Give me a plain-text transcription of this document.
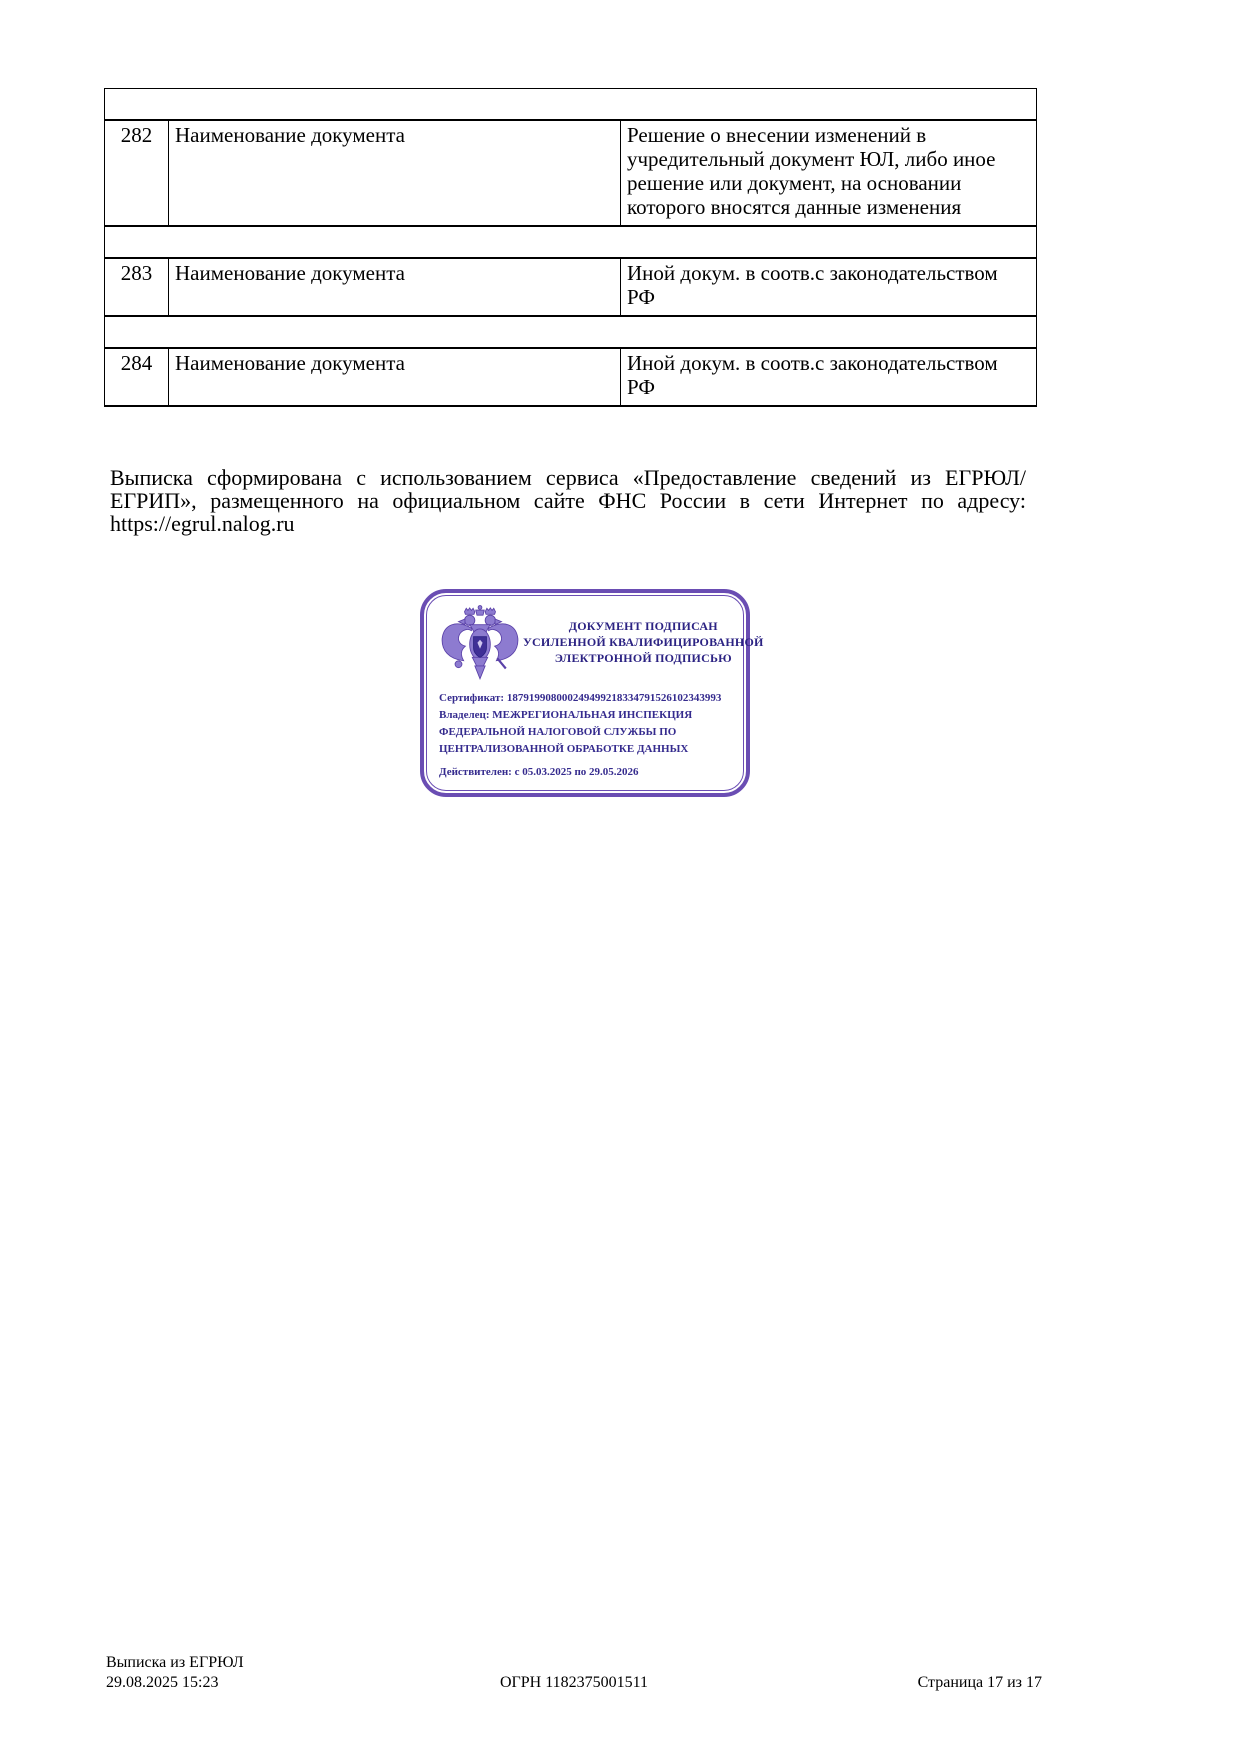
282	Наименование документа	Решение о внесении изменений в учредительный документ ЮЛ, либо иное решение или документ, на основании которого вносятся данные изменения

283	Наименование документа	Иной докум. в соотв.с законодательством РФ

284	Наименование документа	Иной докум. в соотв.с законодательством РФ

Выписка сформирована с использованием сервиса «Предоставление сведений из ЕГРЮЛ/ЕГРИП», размещенного на официальном сайте ФНС России в сети Интернет по адресу: https://egrul.nalog.ru

ДОКУМЕНТ ПОДПИСАН
УСИЛЕННОЙ КВАЛИФИЦИРОВАННОЙ
ЭЛЕКТРОННОЙ ПОДПИСЬЮ
Сертификат: 187919908000249499218334791526102343993
Владелец: МЕЖРЕГИОНАЛЬНАЯ ИНСПЕКЦИЯ ФЕДЕРАЛЬНОЙ НАЛОГОВОЙ СЛУЖБЫ ПО ЦЕНТРАЛИЗОВАННОЙ ОБРАБОТКЕ ДАННЫХ
Действителен: с 05.03.2025 по 29.05.2026
Выписка из ЕГРЮЛ
29.08.2025 15:23	ОГРН 1182375001511	Страница 17 из 17
